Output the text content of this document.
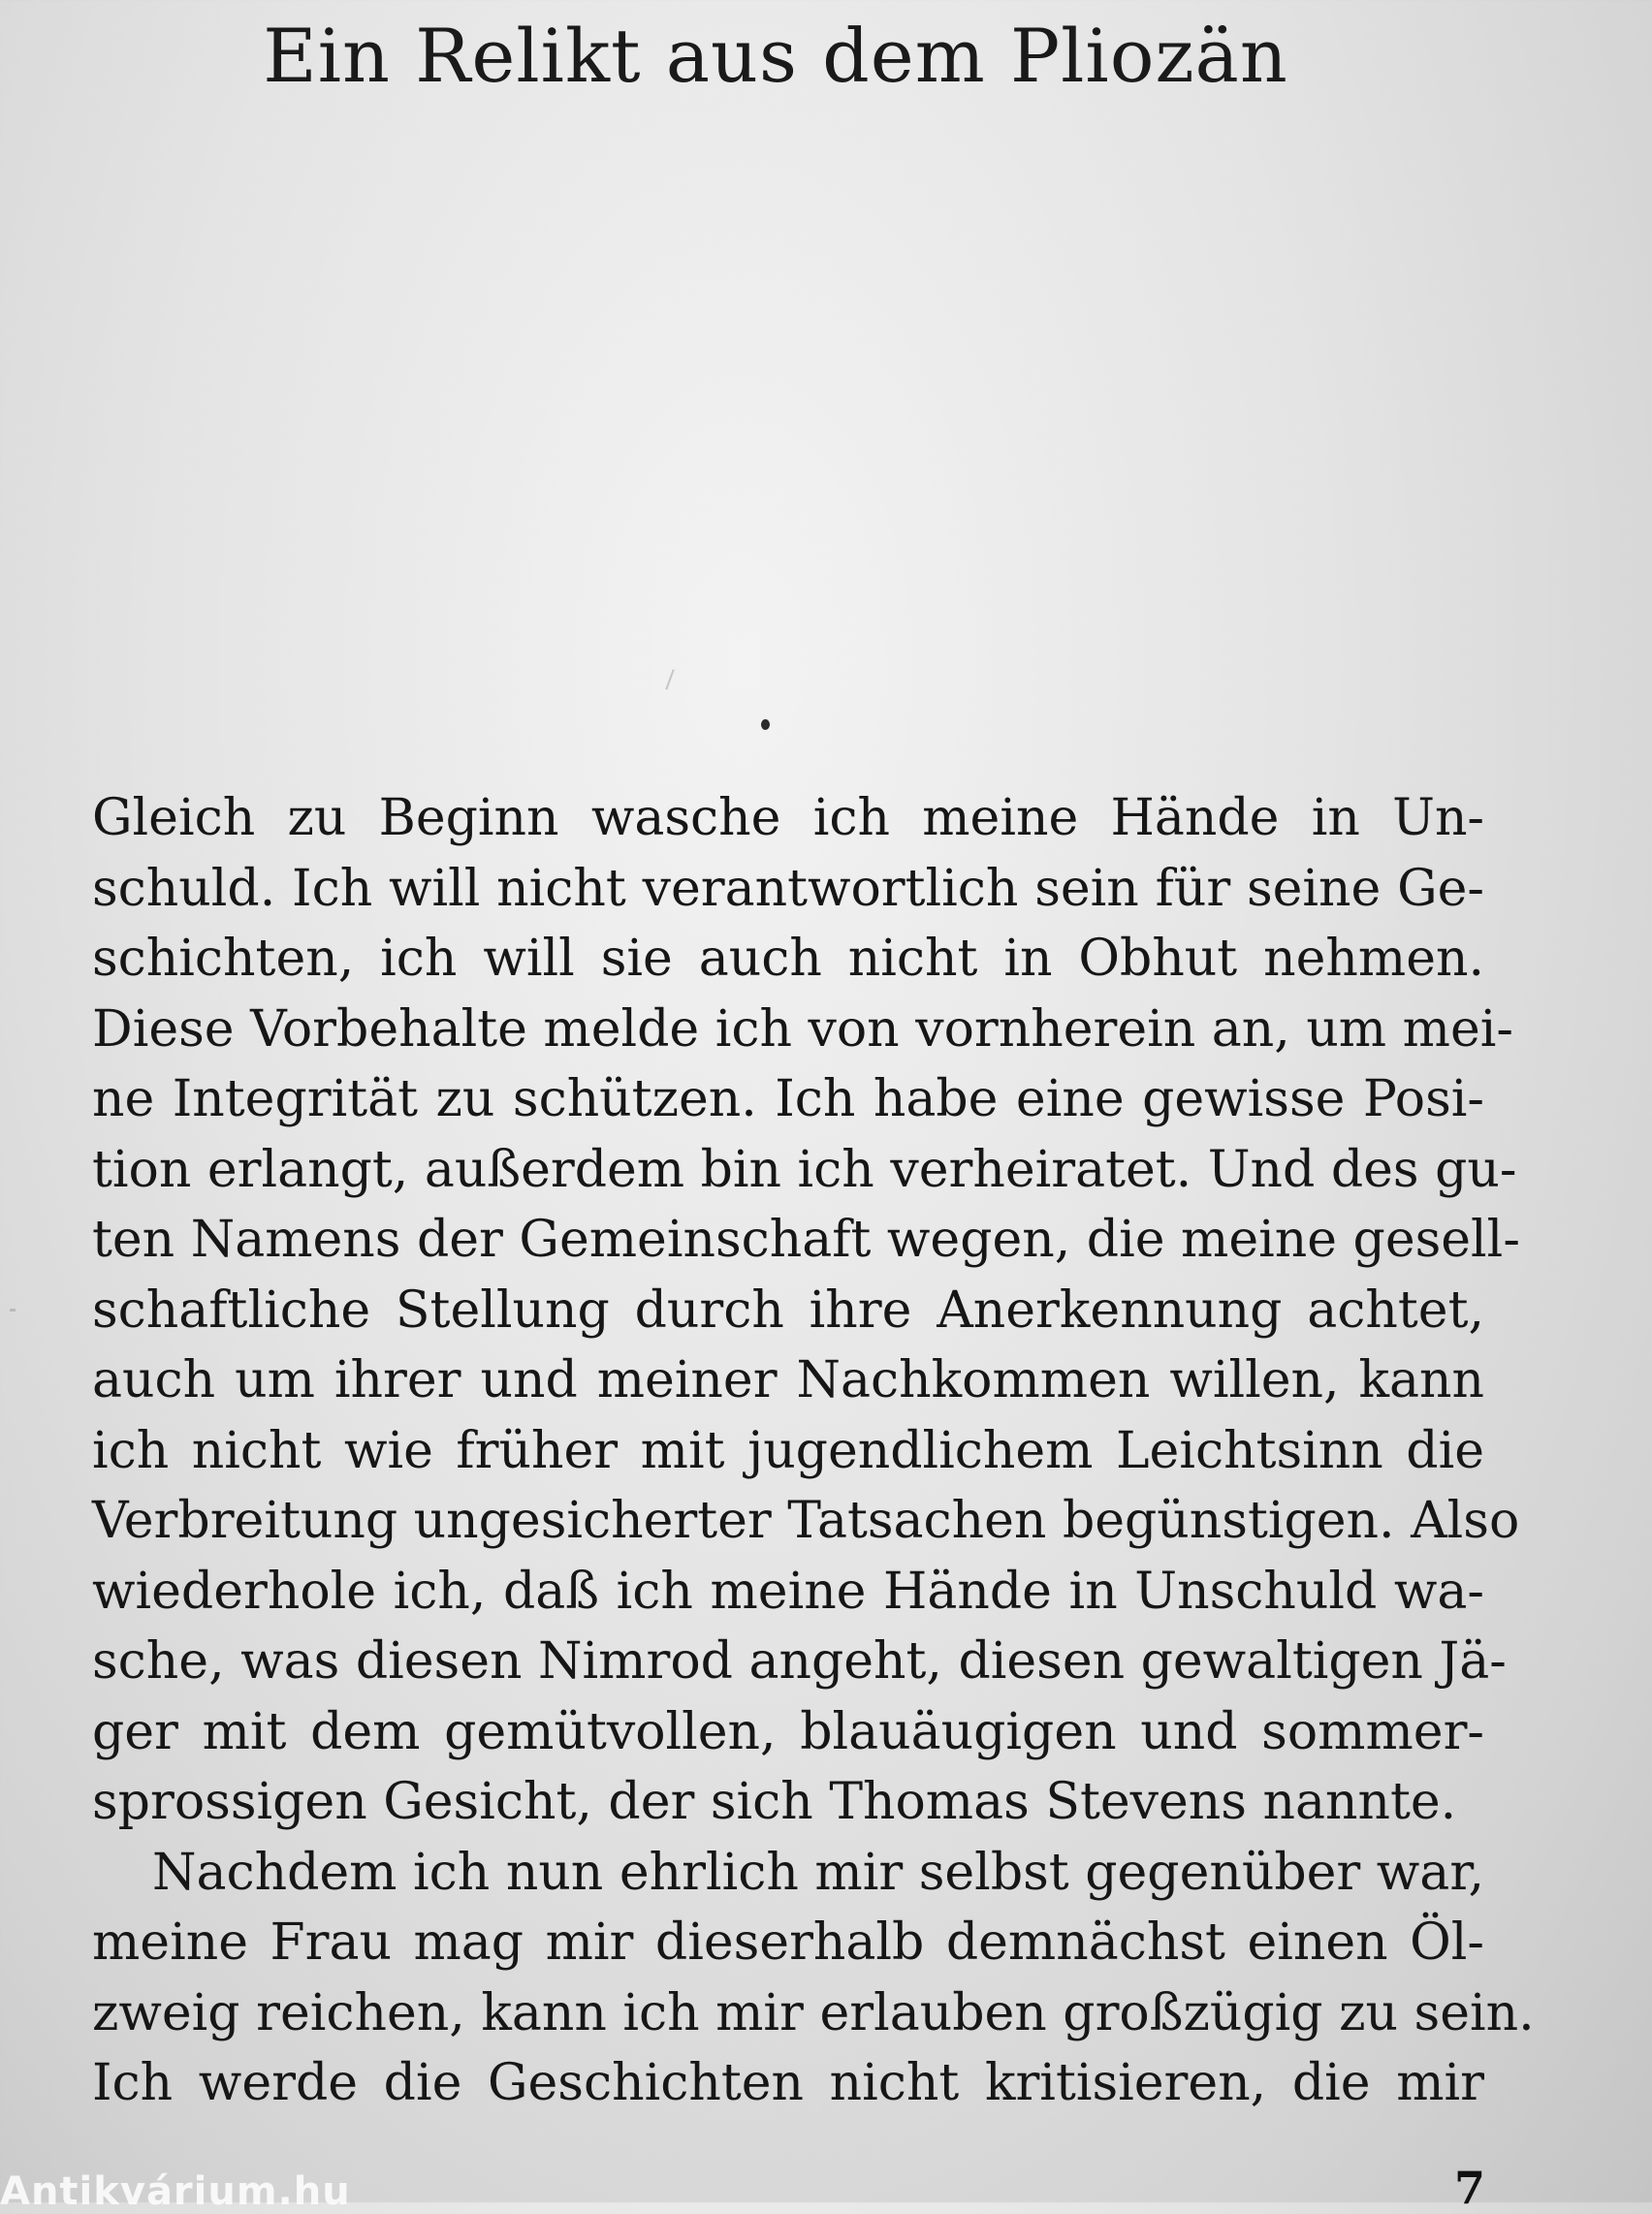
Ein Relikt aus dem Pliozän
Gleich zu Beginn wasche ich meine Hände in Un-
schuld. Ich will nicht verantwortlich sein für seine Ge-
schichten, ich will sie auch nicht in Obhut nehmen.
Diese Vorbehalte melde ich von vornherein an, um mei-
ne Integrität zu schützen. Ich habe eine gewisse Posi-
tion erlangt, außerdem bin ich verheiratet. Und des gu-
ten Namens der Gemeinschaft wegen, die meine gesell-
schaftliche Stellung durch ihre Anerkennung achtet,
auch um ihrer und meiner Nachkommen willen, kann
ich nicht wie früher mit jugendlichem Leichtsinn die
Verbreitung ungesicherter Tatsachen begünstigen. Also
wiederhole ich, daß ich meine Hände in Unschuld wa-
sche, was diesen Nimrod angeht, diesen gewaltigen Jä-
ger mit dem gemütvollen, blauäugigen und sommer-
sprossigen Gesicht, der sich Thomas Stevens nannte.
Nachdem ich nun ehrlich mir selbst gegenüber war,
meine Frau mag mir dieserhalb demnächst einen Öl-
zweig reichen, kann ich mir erlauben großzügig zu sein.
Ich werde die Geschichten nicht kritisieren, die mir
7
Antikvárium.hu
